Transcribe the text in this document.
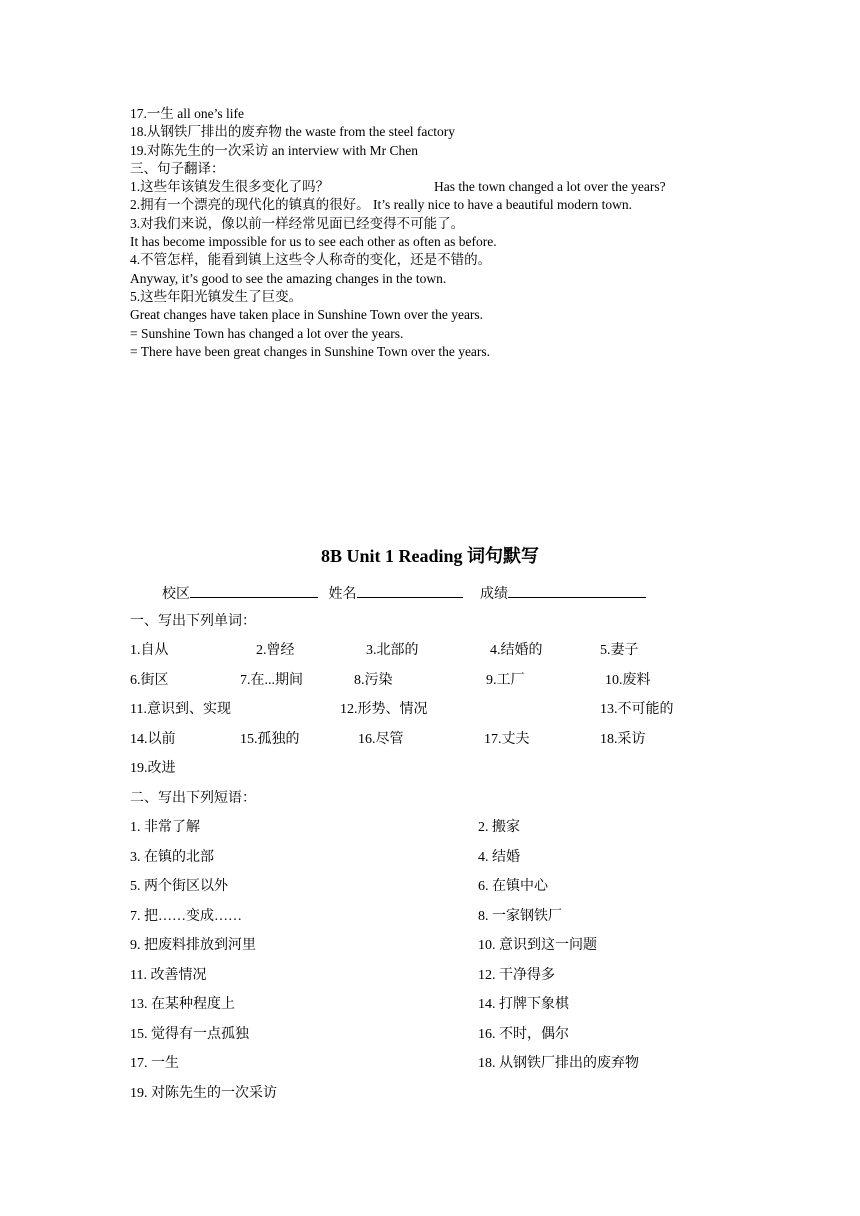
17.一生 all one’s life
18.从钢铁厂排出的废弃物 the waste from the steel factory
19.对陈先生的一次采访 an interview with Mr Chen
三、句子翻译：
1.这些年该镇发生很多变化了吗？	Has the town changed a lot over the years?
2.拥有一个漂亮的现代化的镇真的很好。 It’s really nice to have a beautiful modern town.
3.对我们来说，像以前一样经常见面已经变得不可能了。
It has become impossible for us to see each other as often as before.
4.不管怎样，能看到镇上这些令人称奇的变化，还是不错的。
Anyway, it’s good to see the amazing changes in the town.
5.这些年阳光镇发生了巨变。
Great changes have taken place in Sunshine Town over the years.
= Sunshine Town has changed a lot over the years.
= There have been great changes in Sunshine Town over the years.
8B Unit 1 Reading 词句默写
校区	姓名	成绩
一、写出下列单词：
1.自从	2.曾经	3.北部的	4.结婚的	5.妻子
6.街区	7.在...期间	8.污染	9.工厂	10.废料
11.意识到、实现	12.形势、情况	13.不可能的
14.以前	15.孤独的	16.尽管	17.丈夫	18.采访
19.改进
二、写出下列短语：
1. 非常了解	2. 搬家
3. 在镇的北部	4. 结婚
5. 两个街区以外	6. 在镇中心
7. 把……变成……	8. 一家钢铁厂
9. 把废料排放到河里	10. 意识到这一问题
11. 改善情况	12. 干净得多
13. 在某种程度上	14. 打牌下象棋
15. 觉得有一点孤独	16. 不时，偶尔
17. 一生	18. 从钢铁厂排出的废弃物
19. 对陈先生的一次采访
